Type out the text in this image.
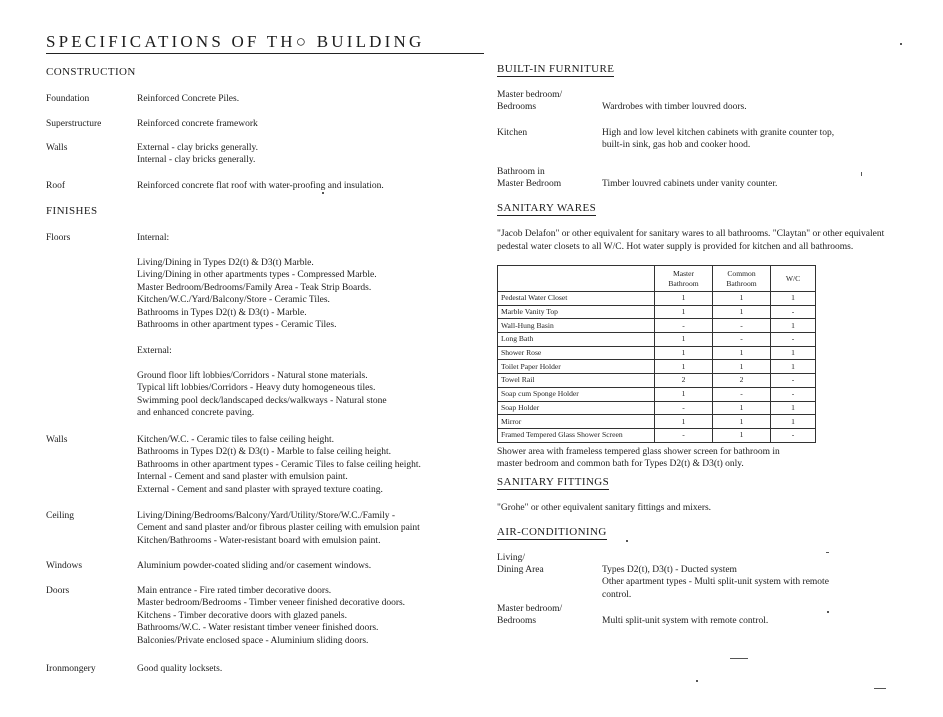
SPECIFICATIONS OF TH○ BUILDING
CONSTRUCTION
Foundation	Reinforced Concrete Piles.
Superstructure	Reinforced concrete framework
Walls	External - clay bricks generally.
Internal - clay bricks generally.
Roof	Reinforced concrete flat roof with water-proofing and insulation.
FINISHES
Floors	Internal:
Living/Dining in Types D2(t) & D3(t) Marble.
Living/Dining in other apartments types - Compressed Marble.
Master Bedroom/Bedrooms/Family Area - Teak Strip Boards.
Kitchen/W.C./Yard/Balcony/Store - Ceramic Tiles.
Bathrooms in Types D2(t) & D3(t) - Marble.
Bathrooms in other apartment types - Ceramic Tiles.
External:
Ground floor lift lobbies/Corridors - Natural stone materials.
Typical lift lobbies/Corridors - Heavy duty homogeneous tiles.
Swimming pool deck/landscaped decks/walkways - Natural stone
and enhanced concrete paving.
Walls	Kitchen/W.C. - Ceramic tiles to false ceiling height.
Bathrooms in Types D2(t) & D3(t) - Marble to false ceiling height.
Bathrooms in other apartment types - Ceramic Tiles to false ceiling height.
Internal - Cement and sand plaster with emulsion paint.
External - Cement and sand plaster with sprayed texture coating.
Ceiling	Living/Dining/Bedrooms/Balcony/Yard/Utility/Store/W.C./Family -
Cement and sand plaster and/or fibrous plaster ceiling with emulsion paint
Kitchen/Bathrooms - Water-resistant board with emulsion paint.
Windows	Aluminium powder-coated sliding and/or casement windows.
Doors	Main entrance - Fire rated timber decorative doors.
Master bedroom/Bedrooms - Timber veneer finished decorative doors.
Kitchens - Timber decorative doors with glazed panels.
Bathrooms/W.C. - Water resistant timber veneer finished doors.
Balconies/Private enclosed space - Aluminium sliding doors.
Ironmongery	Good quality locksets.
BUILT-IN FURNITURE
Master bedroom/
Bedrooms	Wardrobes with timber louvred doors.
Kitchen	High and low level kitchen cabinets with granite counter top,
built-in sink, gas hob and cooker hood.
Bathroom in
Master Bedroom	Timber louvred cabinets under vanity counter.
SANITARY WARES
"Jacob Delafon" or other equivalent for sanitary wares to all bathrooms. "Claytan" or other equivalent pedestal water closets to all W/C. Hot water supply is provided for kitchen and all bathrooms.
	Master Bathroom	Common Bathroom	W/C
Pedestal Water Closet	1	1	1
Marble Vanity Top	1	1	-
Wall-Hung Basin	-	-	1
Long Bath	1	-	-
Shower Rose	1	1	1
Toilet Paper Holder	1	1	1
Towel Rail	2	2	-
Soap cum Sponge Holder	1	-	-
Soap Holder	-	1	1
Mirror	1	1	1
Framed Tempered Glass Shower Screen	-	1	-
Shower area with frameless tempered glass shower screen for bathroom in
master bedroom and common bath for Types D2(t) & D3(t) only.
SANITARY FITTINGS
"Grohe" or other equivalent sanitary fittings and mixers.
AIR-CONDITIONING
Living/
Dining Area	Types D2(t), D3(t) - Ducted system
Other apartment types - Multi split-unit system with remote
control.
Master bedroom/
Bedrooms	Multi split-unit system with remote control.
